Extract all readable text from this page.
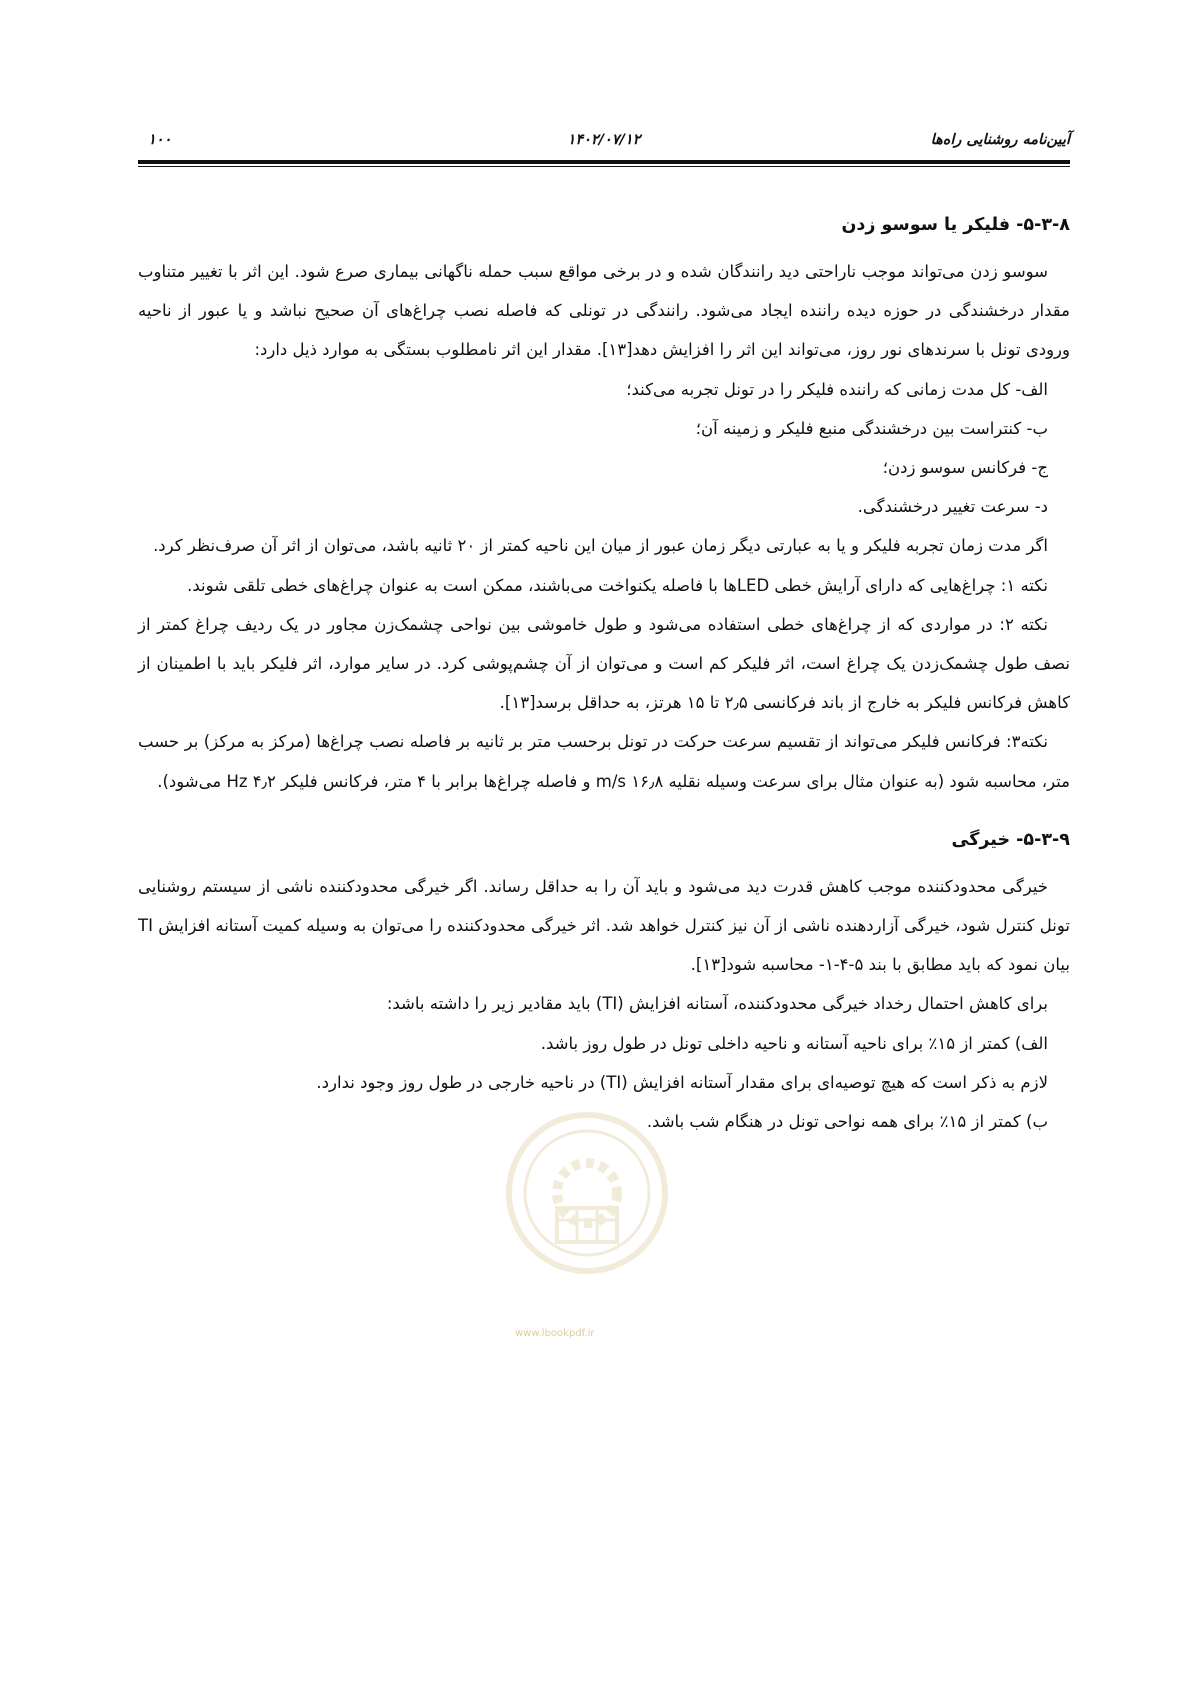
آیین‌نامه روشنایی راه‌ها
۱۴۰۲/۰۷/۱۲
۱۰۰
www.lbookpdf.ir
۵-۳-۸- فلیکر یا سوسو زدن

سوسو زدن می‌تواند موجب ناراحتی دید رانندگان شده و در برخی مواقع سبب حمله ناگهانی بیماری صرع شود. این اثر با تغییر متناوب مقدار درخشندگی در حوزه دیده راننده ایجاد می‌شود. رانندگی در تونلی که فاصله نصب چراغ‌های آن صحیح نباشد و یا عبور از ناحیه ورودی تونل با سرندهای نور روز، می‌تواند این اثر را افزایش دهد[۱۳]. مقدار این اثر نامطلوب بستگی به موارد ذیل دارد:

الف- کل مدت زمانی که راننده فلیکر را در تونل تجربه می‌کند؛
ب- کنتراست بین درخشندگی منبع فلیکر و زمینه آن؛
ج- فرکانس سوسو زدن؛
د- سرعت تغییر درخشندگی.

اگر مدت زمان تجربه فلیکر و یا به عبارتی دیگر زمان عبور از میان این ناحیه کمتر از ۲۰ ثانیه باشد، می‌توان از اثر آن صرف‌نظر کرد.

نکته ۱: چراغ‌هایی که دارای آرایش خطی LEDها با فاصله یکنواخت می‌باشند، ممکن است به عنوان چراغ‌های خطی تلقی شوند.

نکته ۲: در مواردی که از چراغ‌های خطی استفاده می‌شود و طول خاموشی بین نواحی چشمک‌زن مجاور در یک ردیف چراغ کمتر از نصف طول چشمک‌زدن یک چراغ است، اثر فلیکر کم است و می‌توان از آن چشم‌پوشی کرد. در سایر موارد، اثر فلیکر باید با اطمینان از کاهش فرکانس فلیکر به خارج از باند فرکانسی ۲٫۵ تا ۱۵ هرتز، به حداقل برسد[۱۳].

نکته۳: فرکانس فلیکر می‌تواند از تقسیم سرعت حرکت در تونل برحسب متر بر ثانیه بر فاصله نصب چراغ‌ها (مرکز به مرکز) بر حسب متر، محاسبه شود (به عنوان مثال برای سرعت وسیله نقلیه ۱۶٫۸ m/s و فاصله چراغ‌ها برابر با ۴ متر، فرکانس فلیکر ۴٫۲ Hz می‌شود).

۵-۳-۹- خیرگی

خیرگی محدودکننده موجب کاهش قدرت دید می‌شود و باید آن را به حداقل رساند. اگر خیرگی محدودکننده ناشی از سیستم روشنایی تونل کنترل شود، خیرگی آزاردهنده ناشی از آن نیز کنترل خواهد شد. اثر خیرگی محدودکننده را می‌توان به وسیله کمیت آستانه افزایش TI بیان نمود که باید مطابق با بند ۵-۴-۱- محاسبه شود[۱۳].

برای کاهش احتمال رخداد خیرگی محدودکننده، آستانه افزایش (TI) باید مقادیر زیر را داشته باشد:
الف) کمتر از ۱۵٪ برای ناحیه آستانه و ناحیه داخلی تونل در طول روز باشد.
لازم به ذکر است که هیچ توصیه‌ای برای مقدار آستانه افزایش (TI) در ناحیه خارجی در طول روز وجود ندارد.
ب) کمتر از ۱۵٪ برای همه نواحی تونل در هنگام شب باشد.
